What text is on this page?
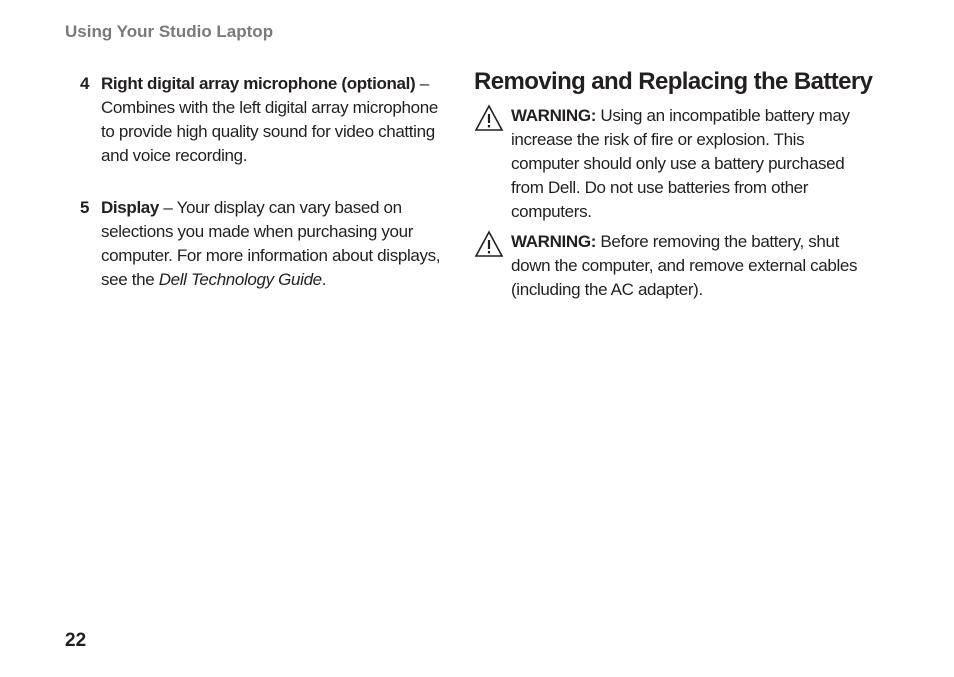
Using Your Studio Laptop
4 Right digital array microphone (optional) – Combines with the left digital array microphone to provide high quality sound for video chatting and voice recording.
5 Display – Your display can vary based on selections you made when purchasing your computer. For more information about displays, see the Dell Technology Guide.
Removing and Replacing the Battery
WARNING: Using an incompatible battery may increase the risk of fire or explosion. This computer should only use a battery purchased from Dell. Do not use batteries from other computers.
WARNING: Before removing the battery, shut down the computer, and remove external cables (including the AC adapter).
22
